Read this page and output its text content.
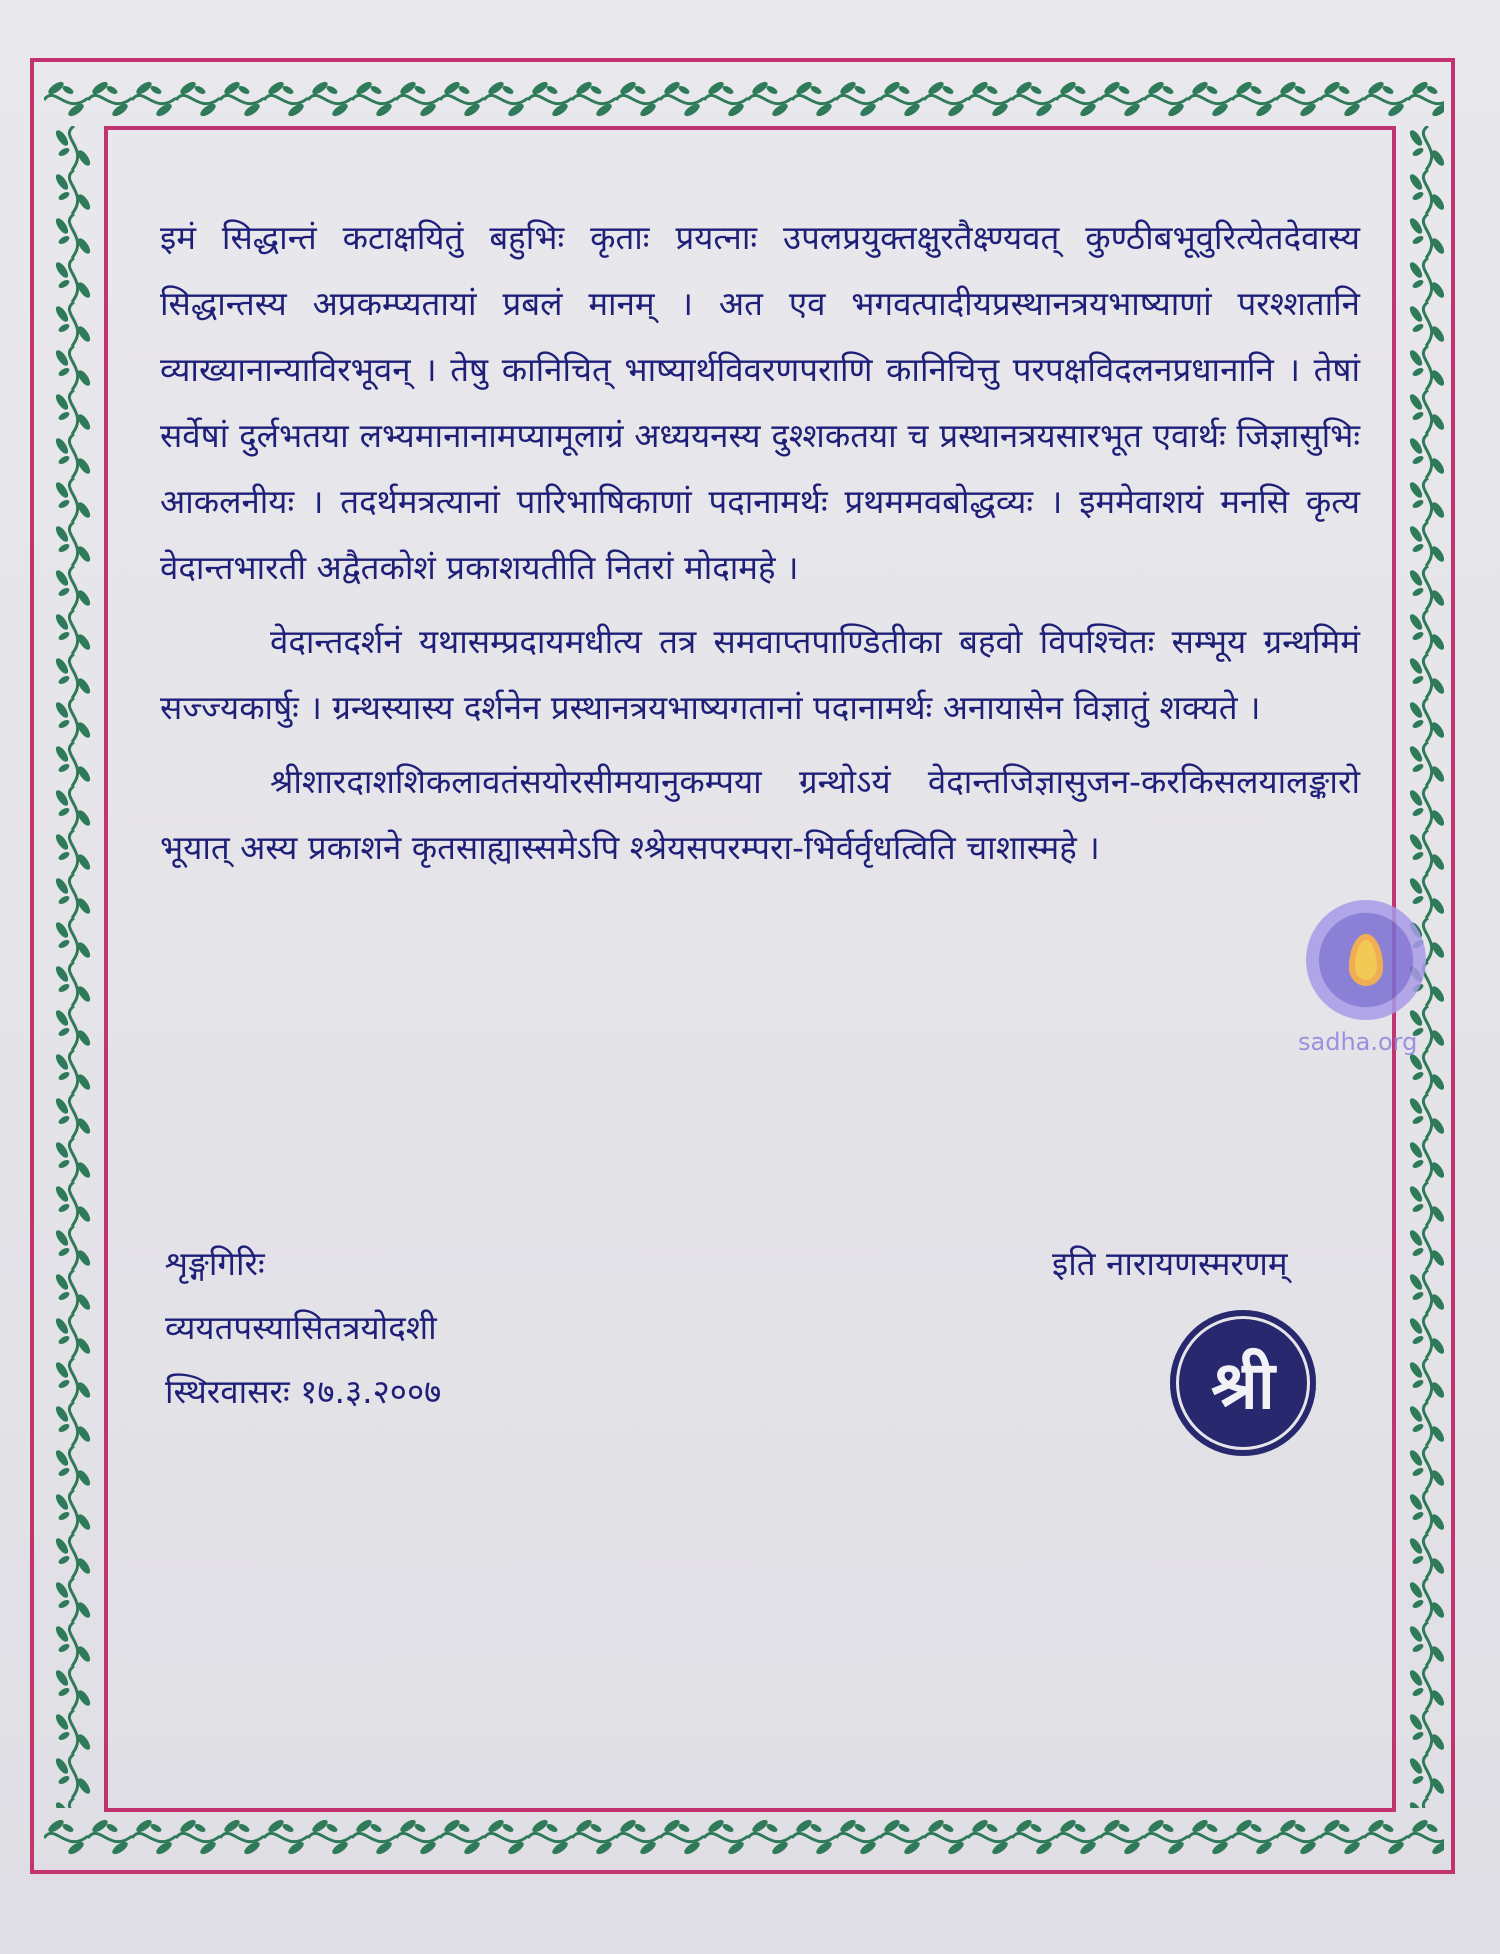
इमं सिद्धान्तं कटाक्षयितुं बहुभिः कृताः प्रयत्नाः उपलप्रयुक्तक्षुरतैक्ष्ण्यवत् कुण्ठीबभूवुरित्येतदेवास्य सिद्धान्तस्य अप्रकम्प्यतायां प्रबलं मानम् । अत एव भगवत्पादीयप्रस्थानत्रयभाष्याणां परश्शतानि व्याख्यानान्याविरभूवन् । तेषु कानिचित् भाष्यार्थविवरणपराणि कानिचित्तु परपक्षविदलनप्रधानानि । तेषां सर्वेषां दुर्लभतया लभ्यमानानामप्यामूलाग्रं अध्ययनस्य दुश्शकतया च प्रस्थानत्रयसारभूत एवार्थः जिज्ञासुभिः आकलनीयः । तदर्थमत्रत्यानां पारिभाषिकाणां पदानामर्थः प्रथममवबोद्धव्यः । इममेवाशयं मनसि कृत्य वेदान्तभारती अद्वैतकोशं प्रकाशयतीति नितरां मोदामहे ।

वेदान्तदर्शनं यथासम्प्रदायमधीत्य तत्र समवाप्तपाण्डितीका बहवो विपश्चितः सम्भूय ग्रन्थमिमं सज्ज्यकार्षुः । ग्रन्थस्यास्य दर्शनेन प्रस्थानत्रयभाष्यगतानां पदानामर्थः अनायासेन विज्ञातुं शक्यते ।

श्रीशारदाशशिकलावतंसयोरसीमयानुकम्पया ग्रन्थोऽयं वेदान्तजिज्ञासुजन-करकिसलयालङ्कारो भूयात् अस्य प्रकाशने कृतसाह्यास्समेऽपि श्श्रेयसपरम्परा-भिर्वर्वृधत्विति चाशास्महे ।

शृङ्गगिरिः
व्ययतपस्यासितत्रयोदशी
स्थिरवासरः १७.३.२००७
इति नारायणस्मरणम्
श्री
sadha.org
